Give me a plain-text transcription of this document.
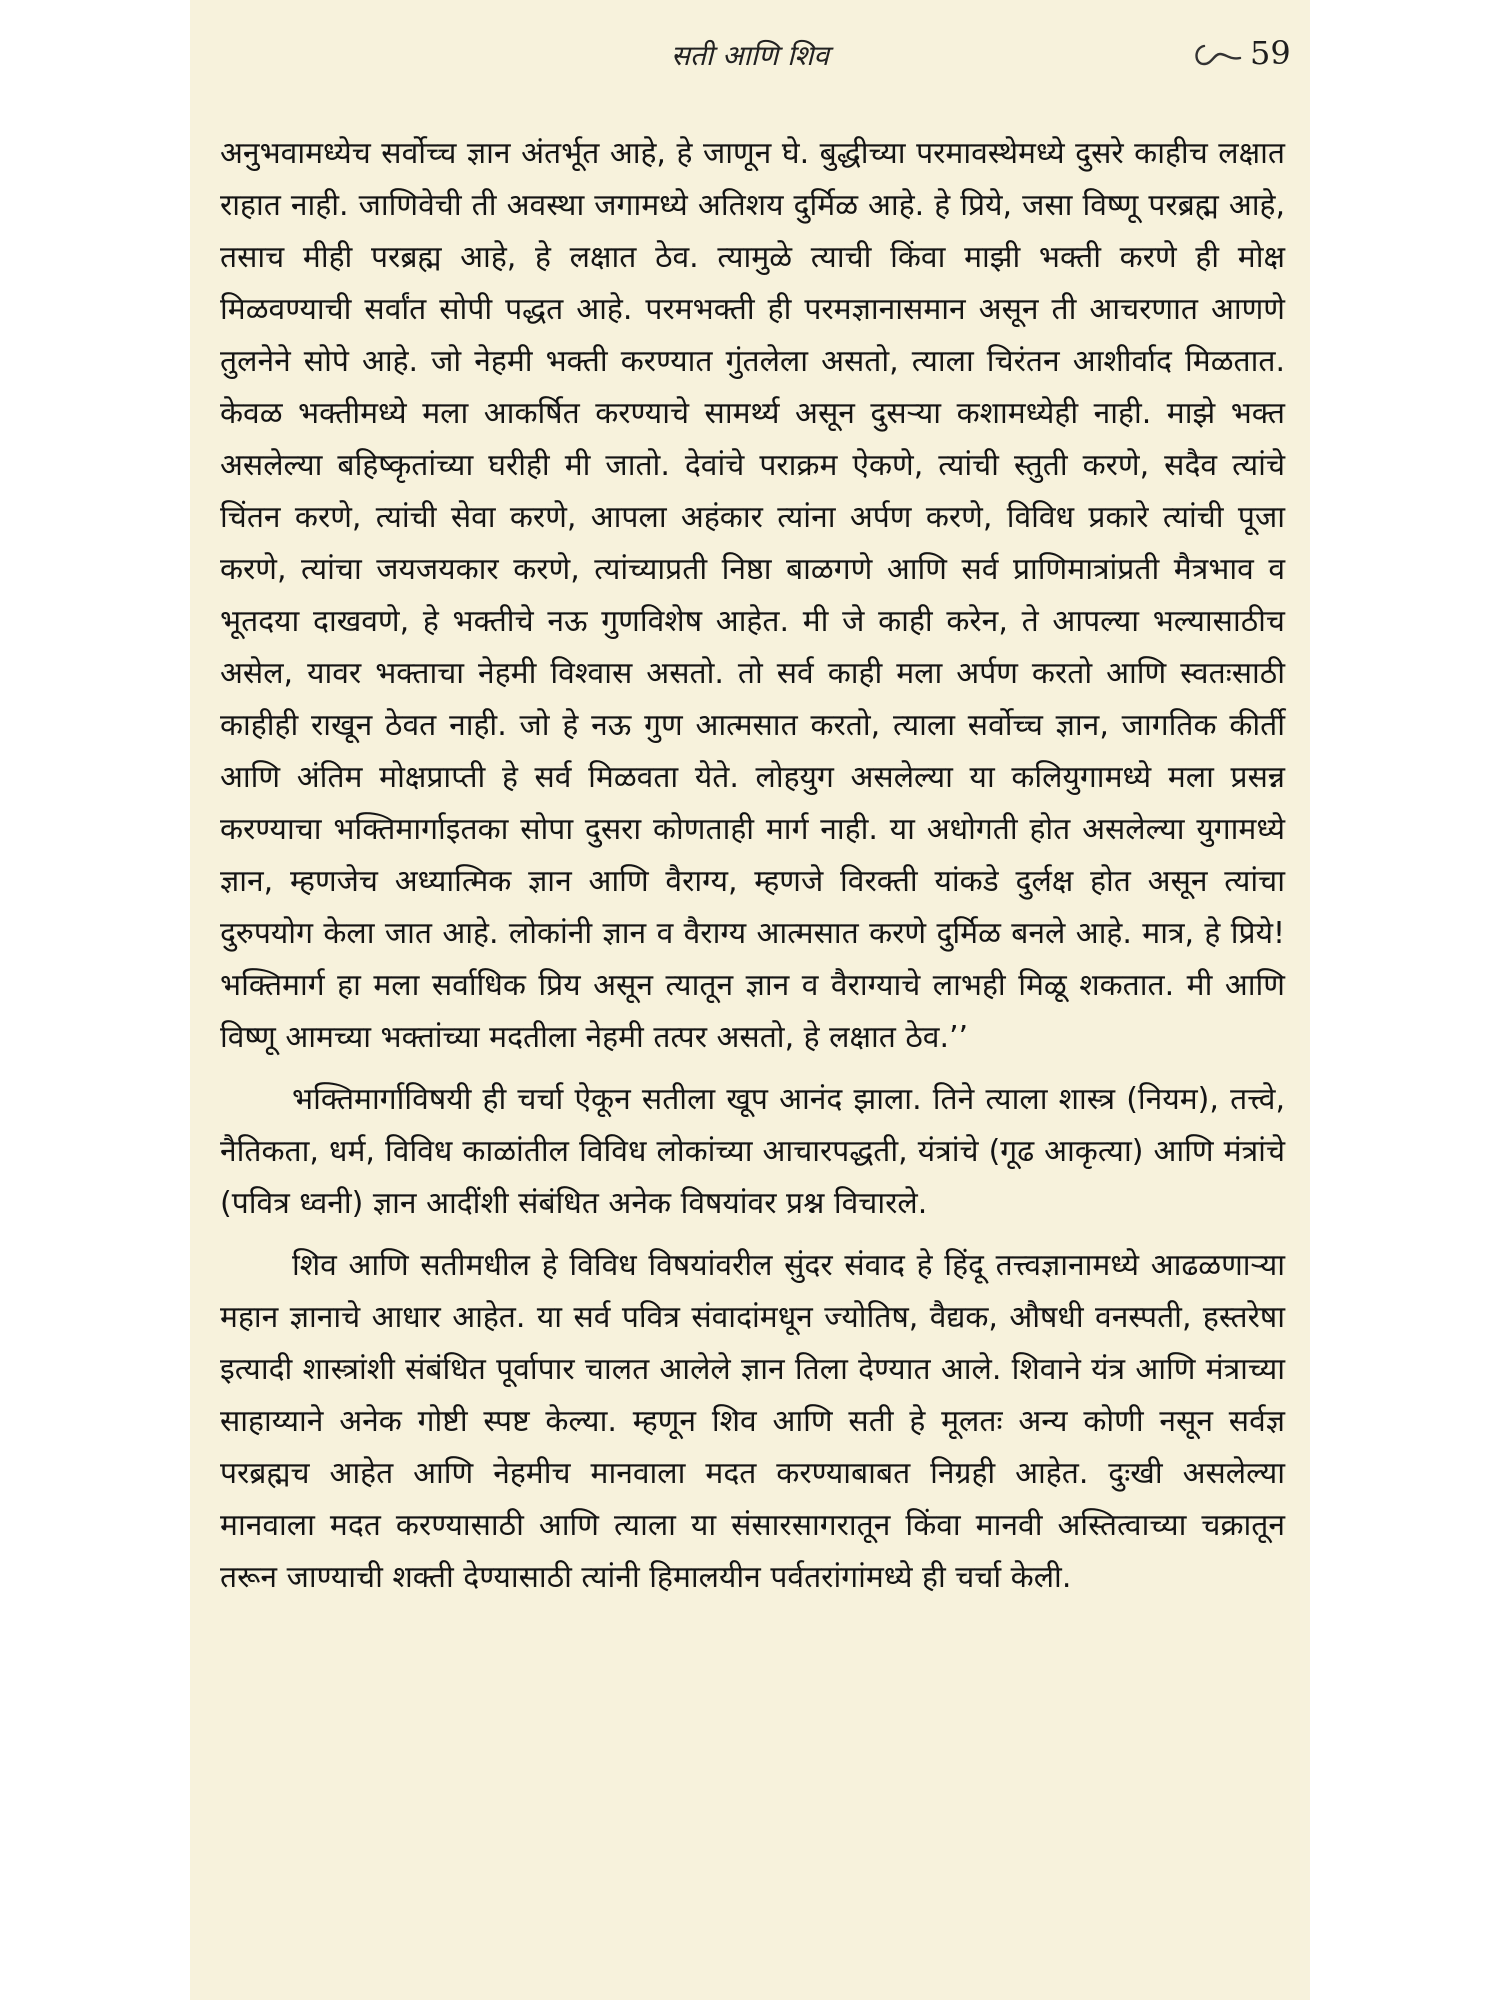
सती आणि शिव	59

अनुभवामध्येच सर्वोच्च ज्ञान अंतर्भूत आहे, हे जाणून घे. बुद्धीच्या परमावस्थेमध्ये दुसरे काहीच लक्षात राहात नाही. जाणिवेची ती अवस्था जगामध्ये अतिशय दुर्मिळ आहे. हे प्रिये, जसा विष्णू परब्रह्म आहे, तसाच मीही परब्रह्म आहे, हे लक्षात ठेव. त्यामुळे त्याची किंवा माझी भक्ती करणे ही मोक्ष मिळवण्याची सर्वांत सोपी पद्धत आहे. परमभक्ती ही परमज्ञानासमान असून ती आचरणात आणणे तुलनेने सोपे आहे. जो नेहमी भक्ती करण्यात गुंतलेला असतो, त्याला चिरंतन आशीर्वाद मिळतात. केवळ भक्तीमध्ये मला आकर्षित करण्याचे सामर्थ्य असून दुसऱ्या कशामध्येही नाही. माझे भक्त असलेल्या बहिष्कृतांच्या घरीही मी जातो. देवांचे पराक्रम ऐकणे, त्यांची स्तुती करणे, सदैव त्यांचे चिंतन करणे, त्यांची सेवा करणे, आपला अहंकार त्यांना अर्पण करणे, विविध प्रकारे त्यांची पूजा करणे, त्यांचा जयजयकार करणे, त्यांच्याप्रती निष्ठा बाळगणे आणि सर्व प्राणिमात्रांप्रती मैत्रभाव व भूतदया दाखवणे, हे भक्तीचे नऊ गुणविशेष आहेत. मी जे काही करेन, ते आपल्या भल्यासाठीच असेल, यावर भक्ताचा नेहमी विश्वास असतो. तो सर्व काही मला अर्पण करतो आणि स्वतःसाठी काहीही राखून ठेवत नाही. जो हे नऊ गुण आत्मसात करतो, त्याला सर्वोच्च ज्ञान, जागतिक कीर्ती आणि अंतिम मोक्षप्राप्ती हे सर्व मिळवता येते. लोहयुग असलेल्या या कलियुगामध्ये मला प्रसन्न करण्याचा भक्तिमार्गाइतका सोपा दुसरा कोणताही मार्ग नाही. या अधोगती होत असलेल्या युगामध्ये ज्ञान, म्हणजेच अध्यात्मिक ज्ञान आणि वैराग्य, म्हणजे विरक्ती यांकडे दुर्लक्ष होत असून त्यांचा दुरुपयोग केला जात आहे. लोकांनी ज्ञान व वैराग्य आत्मसात करणे दुर्मिळ बनले आहे. मात्र, हे प्रिये! भक्तिमार्ग हा मला सर्वाधिक प्रिय असून त्यातून ज्ञान व वैराग्याचे लाभही मिळू शकतात. मी आणि विष्णू आमच्या भक्तांच्या मदतीला नेहमी तत्पर असतो, हे लक्षात ठेव.’’

भक्तिमार्गाविषयी ही चर्चा ऐकून सतीला खूप आनंद झाला. तिने त्याला शास्त्र (नियम), तत्त्वे, नैतिकता, धर्म, विविध काळांतील विविध लोकांच्या आचारपद्धती, यंत्रांचे (गूढ आकृत्या) आणि मंत्रांचे (पवित्र ध्वनी) ज्ञान आदींशी संबंधित अनेक विषयांवर प्रश्न विचारले.

शिव आणि सतीमधील हे विविध विषयांवरील सुंदर संवाद हे हिंदू तत्त्वज्ञानामध्ये आढळणाऱ्या महान ज्ञानाचे आधार आहेत. या सर्व पवित्र संवादांमधून ज्योतिष, वैद्यक, औषधी वनस्पती, हस्तरेषा इत्यादी शास्त्रांशी संबंधित पूर्वापार चालत आलेले ज्ञान तिला देण्यात आले. शिवाने यंत्र आणि मंत्राच्या साहाय्याने अनेक गोष्टी स्पष्ट केल्या. म्हणून शिव आणि सती हे मूलतः अन्य कोणी नसून सर्वज्ञ परब्रह्मच आहेत आणि नेहमीच मानवाला मदत करण्याबाबत निग्रही आहेत. दुःखी असलेल्या मानवाला मदत करण्यासाठी आणि त्याला या संसारसागरातून किंवा मानवी अस्तित्वाच्या चक्रातून तरून जाण्याची शक्ती देण्यासाठी त्यांनी हिमालयीन पर्वतरांगांमध्ये ही चर्चा केली.
